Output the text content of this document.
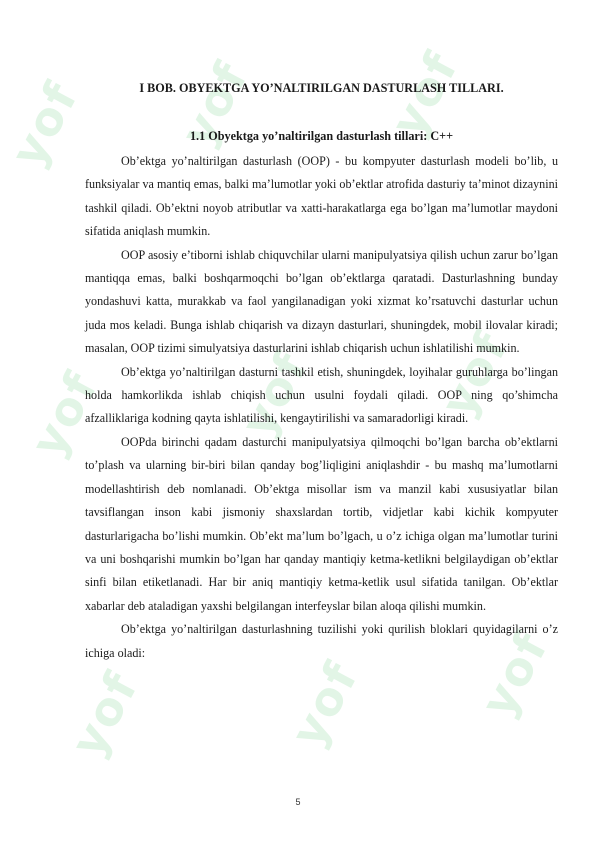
yof yof	yof
yof	yof yof
yof	yof yof
I BOB. OBYEKTGA YO’NALTIRILGAN DASTURLASH TILLARI.
1.1 Obyektga yo’naltirilgan dasturlash tillari: C++

Ob’ektga yo’naltirilgan dasturlash (OOP) - bu kompyuter dasturlash modeli bo’lib, u funksiyalar va mantiq emas, balki ma’lumotlar yoki ob’ektlar atrofida dasturiy ta’minot dizaynini tashkil qiladi. Ob’ektni noyob atributlar va xatti-harakatlarga ega bo’lgan ma’lumotlar maydoni sifatida aniqlash mumkin.

OOP asosiy e’tiborni ishlab chiquvchilar ularni manipulyatsiya qilish uchun zarur bo’lgan mantiqqa emas, balki boshqarmoqchi bo’lgan ob’ektlarga qaratadi. Dasturlashning bunday yondashuvi katta, murakkab va faol yangilanadigan yoki xizmat ko’rsatuvchi dasturlar uchun juda mos keladi. Bunga ishlab chiqarish va dizayn dasturlari, shuningdek, mobil ilovalar kiradi; masalan, OOP tizimi simulyatsiya dasturlarini ishlab chiqarish uchun ishlatilishi mumkin.

Ob’ektga yo’naltirilgan dasturni tashkil etish, shuningdek, loyihalar guruhlarga bo’lingan holda hamkorlikda ishlab chiqish uchun usulni foydali qiladi. OOP ning qo’shimcha afzalliklariga kodning qayta ishlatilishi, kengaytirilishi va samaradorligi kiradi.

OOPda birinchi qadam dasturchi manipulyatsiya qilmoqchi bo’lgan barcha ob’ektlarni to’plash va ularning bir-biri bilan qanday bog’liqligini aniqlashdir - bu mashq ma’lumotlarni modellashtirish deb nomlanadi. Ob’ektga misollar ism va manzil kabi xususiyatlar bilan tavsiflangan inson kabi jismoniy shaxslardan tortib, vidjetlar kabi kichik kompyuter dasturlarigacha bo’lishi mumkin. Ob’ekt ma’lum bo’lgach, u o’z ichiga olgan ma’lumotlar turini va uni boshqarishi mumkin bo’lgan har qanday mantiqiy ketma-ketlikni belgilaydigan ob’ektlar sinfi bilan etiketlanadi. Har bir aniq mantiqiy ketma-ketlik usul sifatida tanilgan. Ob’ektlar xabarlar deb ataladigan yaxshi belgilangan interfeyslar bilan aloqa qilishi mumkin.

Ob’ektga yo’naltirilgan dasturlashning tuzilishi yoki qurilish bloklari quyidagilarni o’z ichiga oladi:

5
